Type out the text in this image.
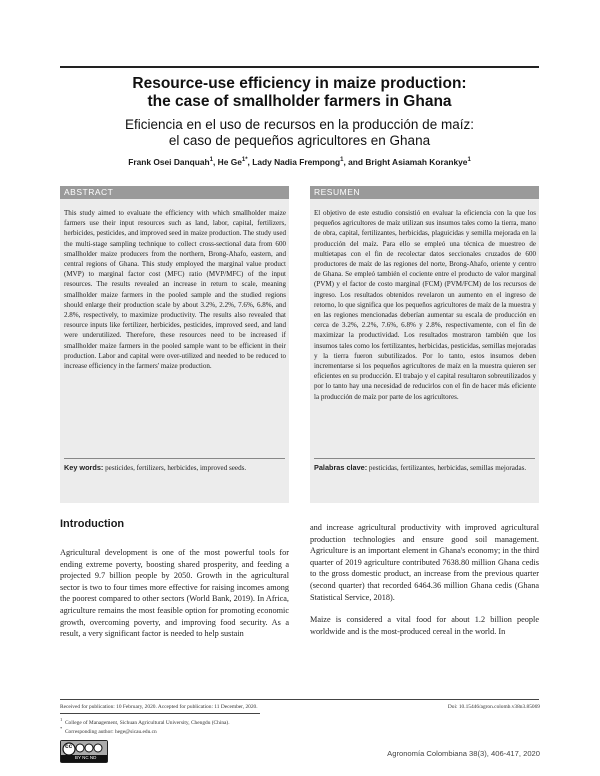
Resource-use efficiency in maize production:
the case of smallholder farmers in Ghana
Eficiencia en el uso de recursos en la producción de maíz:
el caso de pequeños agricultores en Ghana
Frank Osei Danquah$^1$, He $Ge^{1*}$, Lady Nadia Frempong$^1$, and Bright Asiamah Korankye$^1$
ABSTRACT
This study aimed to evaluate the efficiency with which smallholder maize farmers use their input resources such as land, labor, capital, fertilizers, herbicides, pesticides, and improved seed in maize production. The study used the multi-stage sampling technique to collect cross-sectional data from 600 smallholder maize producers from the northern, Brong-Ahafo, eastern, and central regions of Ghana. This study employed the marginal value product (MVP) to marginal factor cost (MFC) ratio (MVP/MFC) of the input resources. The results revealed an increase in return to scale, meaning smallholder maize farmers in the pooled sample and the studied regions should enlarge their production scale by about 3.2%, 2.2%, 7.6%, 6.8%, and 2.8%, respectively, to maximize productivity. The results also revealed that resource inputs like fertilizer, herbicides, pesticides, improved seed, and land were underutilized. Therefore, these resources need to be increased if smallholder maize farmers in the pooled sample want to be efficient in their production. Labor and capital were over-utilized and needed to be reduced to increase efficiency in the farmers' maize production.
Key words: pesticides, fertilizers, herbicides, improved seeds.
RESUMEN
El objetivo de este estudio consistió en evaluar la eficiencia con la que los pequeños agricultores de maíz utilizan sus insumos tales como la tierra, mano de obra, capital, fertilizantes, herbicidas, plaguicidas y semilla mejorada en la producción del maíz. Para ello se empleó una técnica de muestreo de multietapas con el fin de recolectar datos seccionales cruzados de 600 productores de maíz de las regiones del norte, Brong-Ahafo, oriente y centro de Ghana. Se empleó también el cociente entre el producto de valor marginal (PVM) y el factor de costo marginal (FCM) (PVM/FCM) de los recursos de ingreso. Los resultados obtenidos revelaron un aumento en el ingreso de retorno, lo que significa que los pequeños agricultores de maíz de la muestra y en las regiones mencionadas deberían aumentar su escala de producción en cerca de 3.2%, 2.2%, 7.6%, 6.8% y 2.8%, respectivamente, con el fin de maximizar la productividad. Los resultados mostraron también que los insumos tales como los fertilizantes, herbicidas, pesticidas, semillas mejoradas y la tierra fueron subutilizados. Por lo tanto, estos insumos deben incrementarse si los pequeños agricultores de maíz en la muestra quieren ser eficientes en su producción. El trabajo y el capital resultaron sobreutilizados y por lo tanto hay una necesidad de reducirlos con el fin de hacer más eficiente la producción de maíz por parte de los agricultores.
Palabras clave: pesticidas, fertilizantes, herbicidas, semillas mejoradas.
Introduction

Agricultural development is one of the most powerful tools for ending extreme poverty, boosting shared prosperity, and feeding a projected 9.7 billion people by 2050. Growth in the agricultural sector is two to four times more effective for raising incomes among the poorest compared to other sectors (World Bank, 2019). In Africa, agriculture remains the most feasible option for promoting economic growth, overcoming poverty, and improving food security. As a result, a very significant factor is needed to help sustain

and increase agricultural productivity with improved agricultural production technologies and ensure good soil management. Agriculture is an important element in Ghana's economy; in the third quarter of 2019 agriculture contributed 7638.80 million Ghana cedis to the gross domestic product, an increase from the previous quarter (second quarter) that recorded 6464.36 million Ghana cedis (Ghana Statistical Service, 2018).

Maize is considered a vital food for about 1.2 billion people worldwide and is the most-produced cereal in the world. In

Received for publication: 10 February, 2020. Accepted for publication: 11 December, 2020.	Doi: 10.15446/agron.colomb.v38n3.85069
$^1$  College of Management, Sichuan Agricultural University, Chengdu (China).
*  Corresponding author: hege@sicau.edu.cn
cc
BY NC ND	Agronomía Colombiana 38(3), 406-417, 2020
